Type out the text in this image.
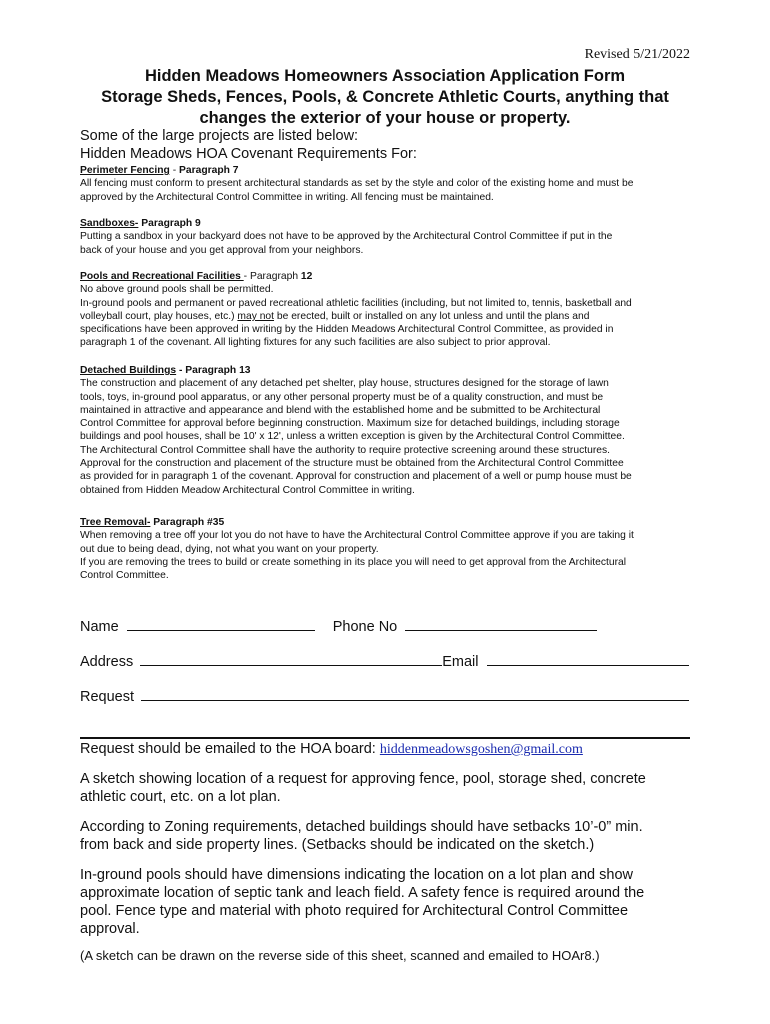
Revised 5/21/2022
Hidden Meadows Homeowners Association Application Form
Storage Sheds, Fences, Pools, & Concrete Athletic Courts, anything that
changes the exterior of your house or property.
Some of the large projects are listed below:
Hidden Meadows HOA Covenant Requirements For:
Perimeter Fencing - Paragraph 7
All fencing must conform to present architectural standards as set by the style and color of the existing home and must be
approved by the Architectural Control Committee in writing. All fencing must be maintained.
Sandboxes- Paragraph 9
Putting a sandbox in your backyard does not have to be approved by the Architectural Control Committee if put in the
back of your house and you get approval from your neighbors.
Pools and Recreational Facilities - Paragraph 12
No above ground pools shall be permitted.
In-ground pools and permanent or paved recreational athletic facilities (including, but not limited to, tennis, basketball and
volleyball court, play houses, etc.) may not be erected, built or installed on any lot unless and until the plans and
specifications have been approved in writing by the Hidden Meadows Architectural Control Committee, as provided in
paragraph 1 of the covenant. All lighting fixtures for any such facilities are also subject to prior approval.
Detached Buildings - Paragraph 13
The construction and placement of any detached pet shelter, play house, structures designed for the storage of lawn
tools, toys, in-ground pool apparatus, or any other personal property must be of a quality construction, and must be
maintained in attractive and appearance and blend with the established home and be submitted to be Architectural
Control Committee for approval before beginning construction. Maximum size for detached buildings, including storage
buildings and pool houses, shall be 10' x 12', unless a written exception is given by the Architectural Control Committee.
The Architectural Control Committee shall have the authority to require protective screening around these structures.
Approval for the construction and placement of the structure must be obtained from the Architectural Control Committee
as provided for in paragraph 1 of the covenant. Approval for construction and placement of a well or pump house must be
obtained from Hidden Meadow Architectural Control Committee in writing.
Tree Removal- Paragraph #35
When removing a tree off your lot you do not have to have the Architectural Control Committee approve if you are taking it
out due to being dead, dying, not what you want on your property.
If you are removing the trees to build or create something in its place you will need to get approval from the Architectural
Control Committee.
Name	Phone No
Address	Email
Request
Request should be emailed to the HOA board: hiddenmeadowsgoshen@gmail.com
A sketch showing location of a request for approving fence, pool, storage shed, concrete
athletic court, etc. on a lot plan.
According to Zoning requirements, detached buildings should have setbacks 10’-0” min.
from back and side property lines. (Setbacks should be indicated on the sketch.)
In-ground pools should have dimensions indicating the location on a lot plan and show
approximate location of septic tank and leach field. A safety fence is required around the
pool. Fence type and material with photo required for Architectural Control Committee
approval.
(A sketch can be drawn on the reverse side of this sheet, scanned and emailed to HOAr8.)
